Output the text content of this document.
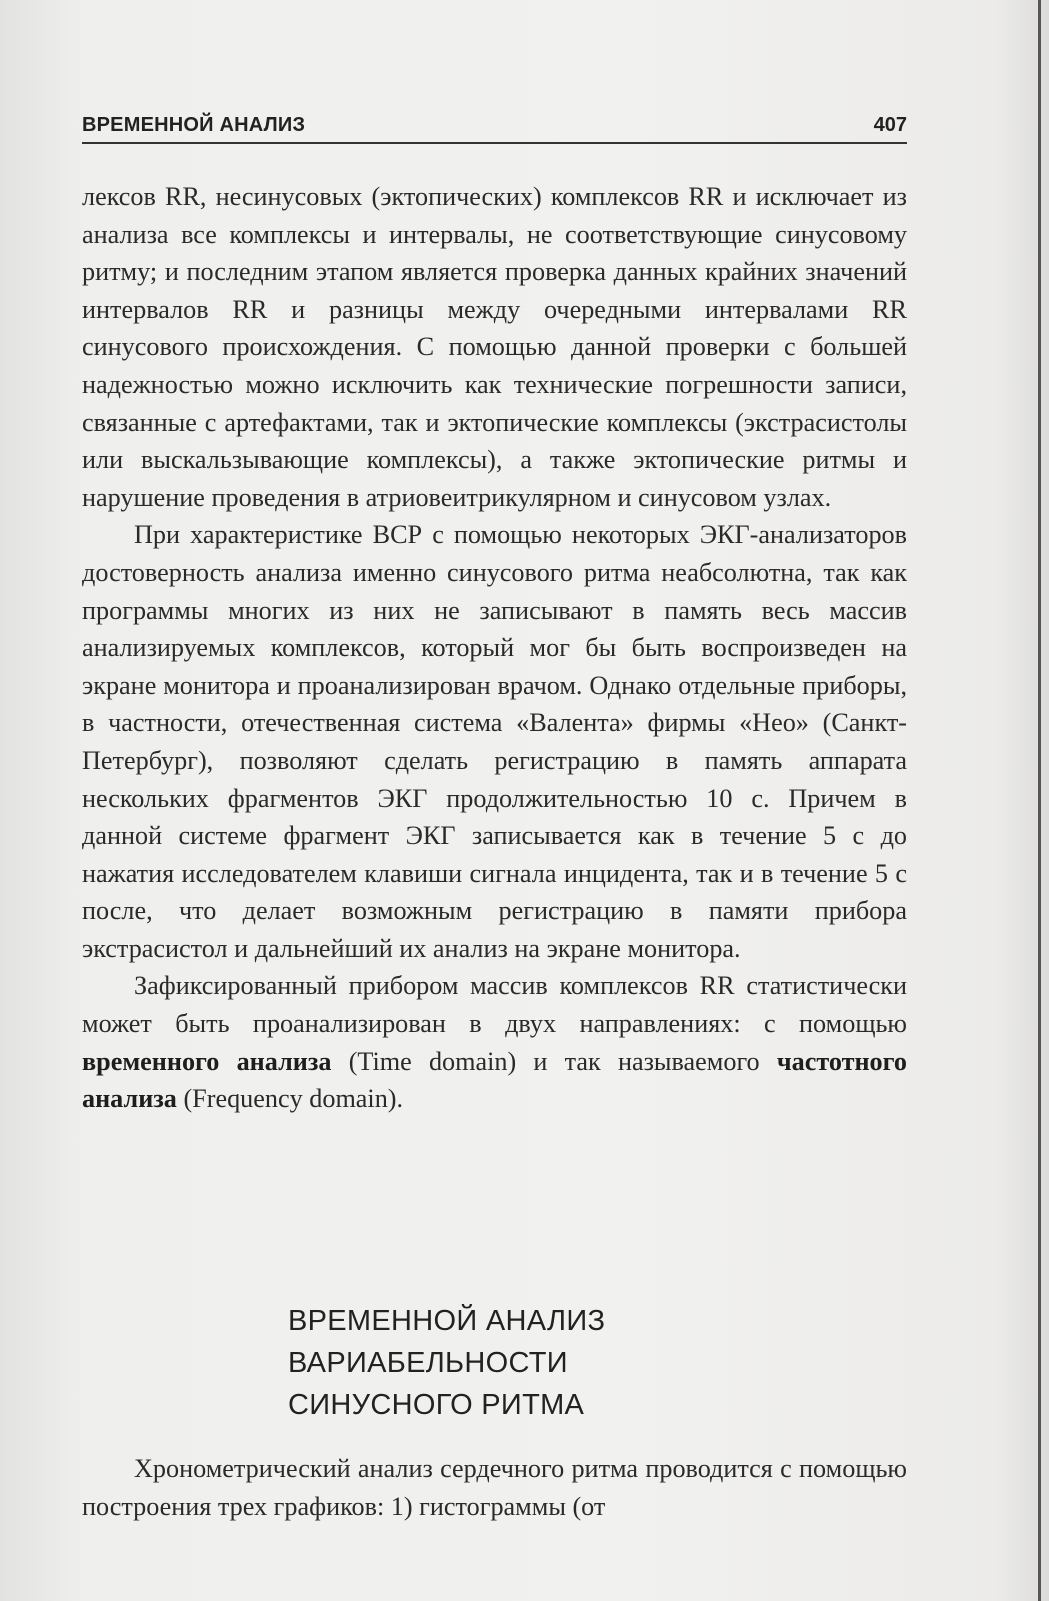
ВРЕМЕННОЙ АНАЛИЗ	407

лексов RR, несинусовых (эктопических) комплексов RR и исключает из анализа все комплексы и интервалы, не соответствующие синусовому ритму; и последним этапом является проверка данных крайних значений интервалов RR и разницы между очередными интервалами RR синусового происхождения. С помощью данной проверки с большей надежностью можно исключить как технические погрешности записи, связанные с артефактами, так и эктопические комплексы (экстрасистолы или выскальзывающие комплексы), а также эктопические ритмы и нарушение проведения в атриовеитрикулярном и синусовом узлах.

При характеристике ВСР с помощью некоторых ЭКГ-анализаторов достоверность анализа именно синусового ритма неабсолютна, так как программы многих из них не записывают в память весь массив анализируемых комплексов, который мог бы быть воспроизведен на экране монитора и проанализирован врачом. Однако отдельные приборы, в частности, отечественная система «Валента» фирмы «Нео» (Санкт-Петербург), позволяют сделать регистрацию в память аппарата нескольких фрагментов ЭКГ продолжительностью 10 с. Причем в данной системе фрагмент ЭКГ записывается как в течение 5 с до нажатия исследователем клавиши сигнала инцидента, так и в течение 5 с после, что делает возможным регистрацию в памяти прибора экстрасистол и дальнейший их анализ на экране монитора.

Зафиксированный прибором массив комплексов RR статистически может быть проанализирован в двух направлениях: с помощью временного анализа (Time domain) и так называемого частотного анализа (Frequency domain).

ВРЕМЕННОЙ АНАЛИЗ
ВАРИАБЕЛЬНОСТИ
СИНУСНОГО РИТМА

Хронометрический анализ сердечного ритма проводится с помощью построения трех графиков: 1) гистограммы (от
